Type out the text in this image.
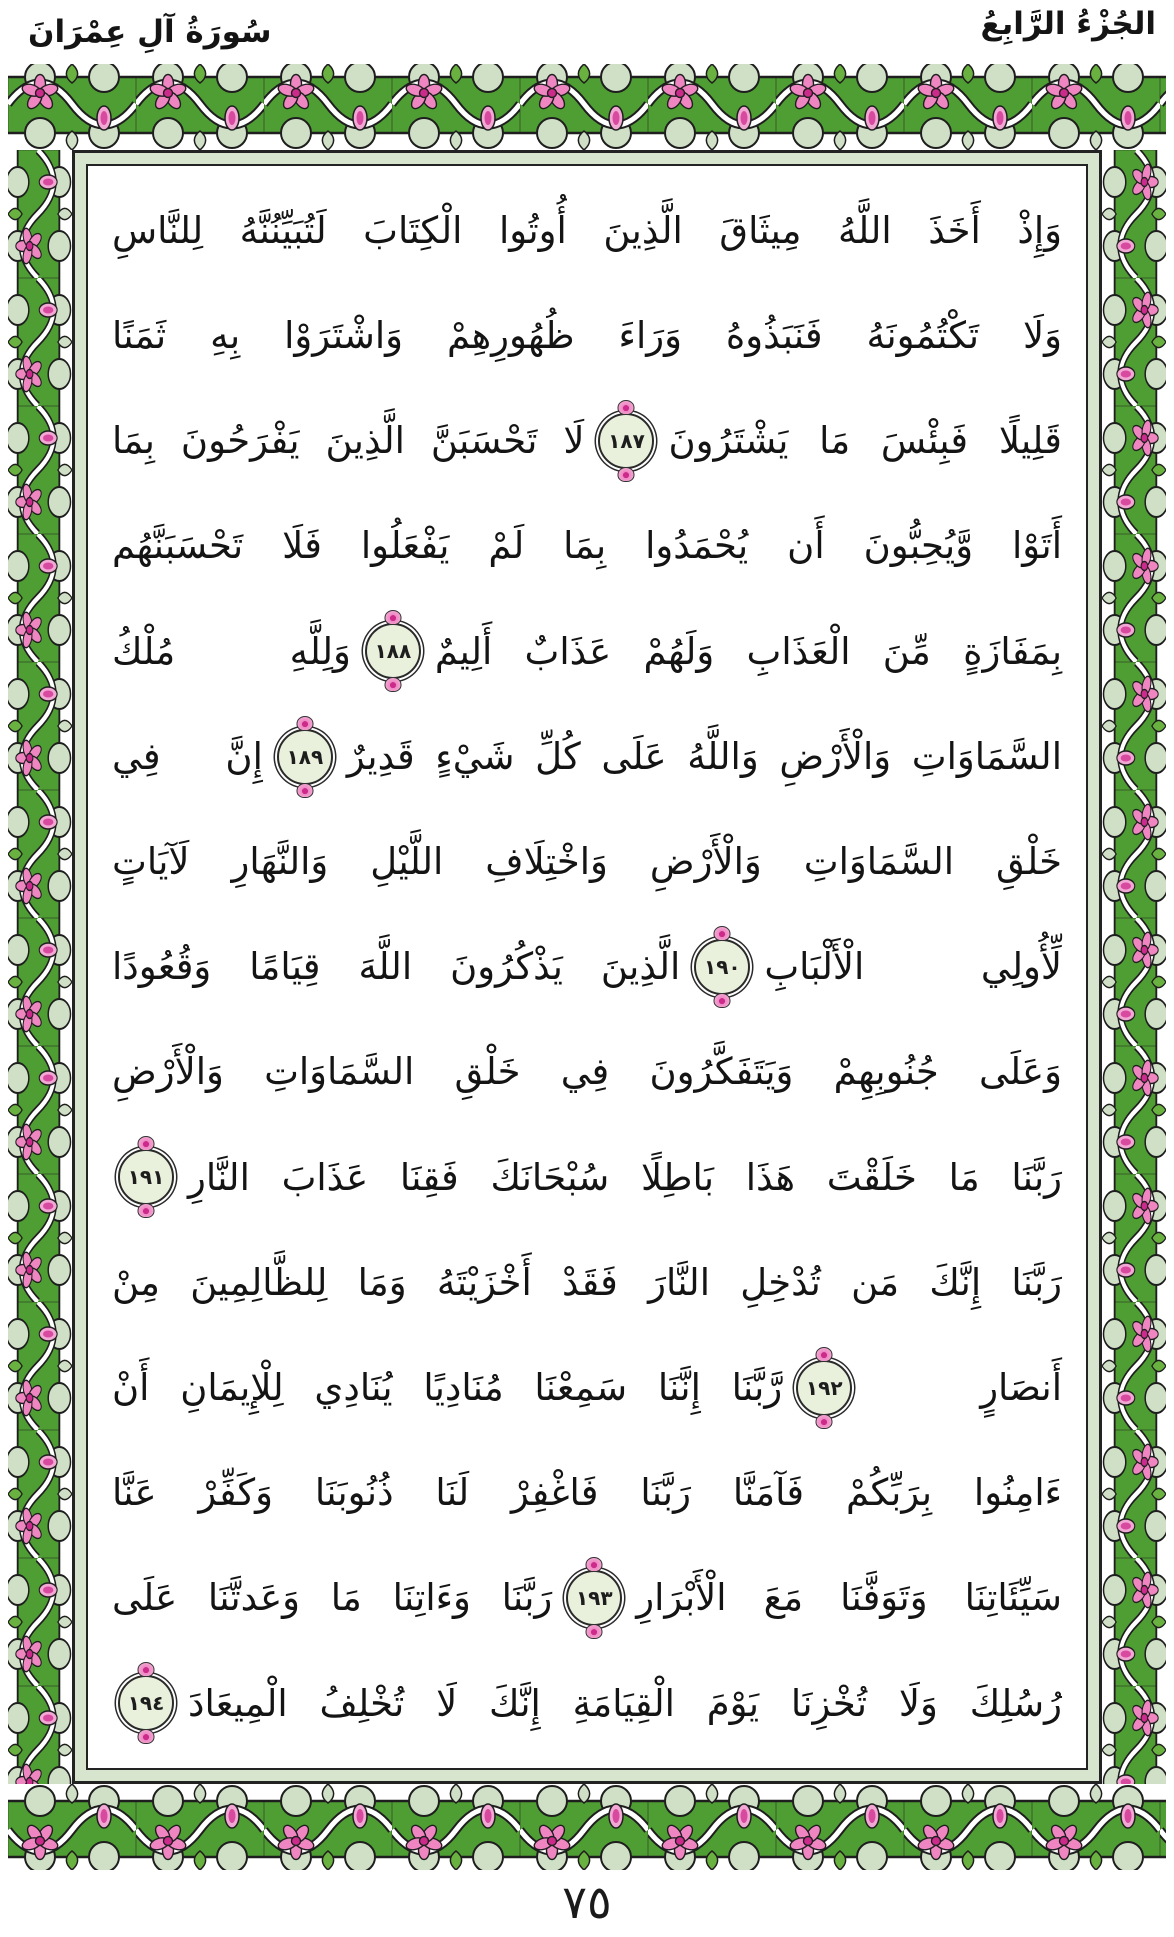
الجُزْءُ الرَّابِعُ
سُورَةُ آلِ عِمْرَانَ
وَإِذْ أَخَذَ اللَّهُ مِيثَاقَ الَّذِينَ أُوتُوا الْكِتَابَ لَتُبَيِّنُنَّهُ لِلنَّاسِ
وَلَا تَكْتُمُونَهُ فَنَبَذُوهُ وَرَاءَ ظُهُورِهِمْ وَاشْتَرَوْا بِهِ ثَمَنًا
قَلِيلًا فَبِئْسَ مَا يَشْتَرُونَ
١٨٧
لَا تَحْسَبَنَّ الَّذِينَ يَفْرَحُونَ بِمَا
أَتَوْا وَّيُحِبُّونَ أَن يُحْمَدُوا بِمَا لَمْ يَفْعَلُوا فَلَا تَحْسَبَنَّهُم
بِمَفَازَةٍ مِّنَ الْعَذَابِ وَلَهُمْ عَذَابٌ أَلِيمٌ
١٨٨
وَلِلَّهِ مُلْكُ
السَّمَاوَاتِ وَالْأَرْضِ وَاللَّهُ عَلَى كُلِّ شَيْءٍ قَدِيرٌ
١٨٩
إِنَّ فِي
خَلْقِ السَّمَاوَاتِ وَالْأَرْضِ وَاخْتِلَافِ اللَّيْلِ وَالنَّهَارِ لَآيَاتٍ
لِّأُولِي الْأَلْبَابِ
١٩٠
الَّذِينَ يَذْكُرُونَ اللَّهَ قِيَامًا وَقُعُودًا
وَعَلَى جُنُوبِهِمْ وَيَتَفَكَّرُونَ فِي خَلْقِ السَّمَاوَاتِ وَالْأَرْضِ
رَبَّنَا مَا خَلَقْتَ هَذَا بَاطِلًا سُبْحَانَكَ فَقِنَا عَذَابَ النَّارِ
١٩١
رَبَّنَا إِنَّكَ مَن تُدْخِلِ النَّارَ فَقَدْ أَخْزَيْتَهُ وَمَا لِلظَّالِمِينَ مِنْ
أَنصَارٍ
١٩٢
رَّبَّنَا إِنَّنَا سَمِعْنَا مُنَادِيًا يُنَادِي لِلْإِيمَانِ أَنْ
ءَامِنُوا بِرَبِّكُمْ فَآمَنَّا رَبَّنَا فَاغْفِرْ لَنَا ذُنُوبَنَا وَكَفِّرْ عَنَّا
سَيِّئَاتِنَا وَتَوَفَّنَا مَعَ الْأَبْرَارِ
١٩٣
رَبَّنَا وَءَاتِنَا مَا وَعَدتَّنَا عَلَى
رُسُلِكَ وَلَا تُخْزِنَا يَوْمَ الْقِيَامَةِ إِنَّكَ لَا تُخْلِفُ الْمِيعَادَ
١٩٤
٧٥
